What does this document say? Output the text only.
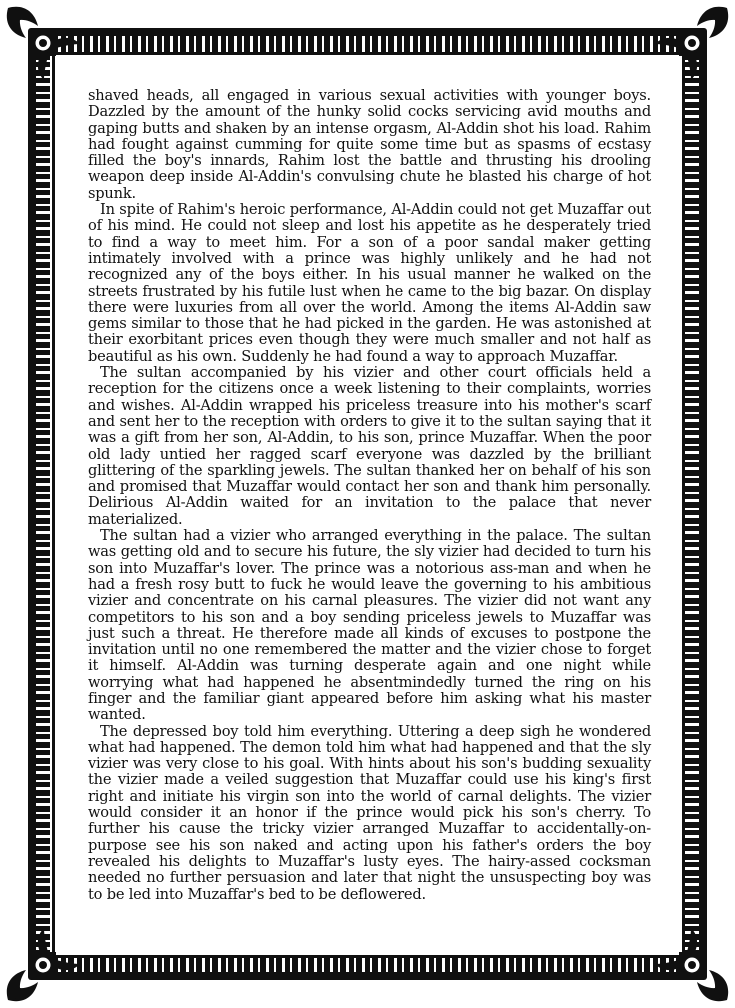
shaved heads, all engaged in various sexual activities with younger boys. Dazzled by the amount of the hunky solid cocks servicing avid mouths and gaping butts and shaken by an intense orgasm, Al-Addin shot his load. Rahim had fought against cumming for quite some time but as spasms of ecstasy filled the boy's innards, Rahim lost the battle and thrusting his drooling weapon deep inside Al-Addin's convulsing chute he blasted his charge of hot spunk.

In spite of Rahim's heroic performance, Al-Addin could not get Muzaffar out of his mind. He could not sleep and lost his appetite as he desperately tried to find a way to meet him. For a son of a poor sandal maker getting intimately involved with a prince was highly unlikely and he had not recognized any of the boys either. In his usual manner he walked on the streets frustrated by his futile lust when he came to the big bazar. On display there were luxuries from all over the world. Among the items Al-Addin saw gems similar to those that he had picked in the garden. He was astonished at their exorbitant prices even though they were much smaller and not half as beautiful as his own. Suddenly he had found a way to approach Muzaffar.

The sultan accompanied by his vizier and other court officials held a reception for the citizens once a week listening to their complaints, worries and wishes. Al-Addin wrapped his priceless treasure into his mother's scarf and sent her to the reception with orders to give it to the sultan saying that it was a gift from her son, Al-Addin, to his son, prince Muzaffar. When the poor old lady untied her ragged scarf everyone was dazzled by the brilliant glittering of the sparkling jewels. The sultan thanked her on behalf of his son and promised that Muzaffar would contact her son and thank him personally. Delirious Al-Addin waited for an invitation to the palace that never materialized.

The sultan had a vizier who arranged everything in the palace. The sultan was getting old and to secure his future, the sly vizier had decided to turn his son into Muzaffar's lover. The prince was a notorious ass-man and when he had a fresh rosy butt to fuck he would leave the governing to his ambitious vizier and concentrate on his carnal pleasures. The vizier did not want any competitors to his son and a boy sending priceless jewels to Muzaffar was just such a threat. He therefore made all kinds of excuses to postpone the invitation until no one remembered the matter and the vizier chose to forget it himself. Al-Addin was turning desperate again and one night while worrying what had happened he absentmindedly turned the ring on his finger and the familiar giant appeared before him asking what his master wanted.

The depressed boy told him everything. Uttering a deep sigh he wondered what had happened. The demon told him what had happened and that the sly vizier was very close to his goal. With hints about his son's budding sexuality the vizier made a veiled suggestion that Muzaffar could use his king's first right and initiate his virgin son into the world of carnal delights. The vizier would consider it an honor if the prince would pick his son's cherry. To further his cause the tricky vizier arranged Muzaffar to accidentally-on-purpose see his son naked and acting upon his father's orders the boy revealed his delights to Muzaffar's lusty eyes. The hairy-assed cocksman needed no further persuasion and later that night the unsuspecting boy was to be led into Muzaffar's bed to be deflowered.
